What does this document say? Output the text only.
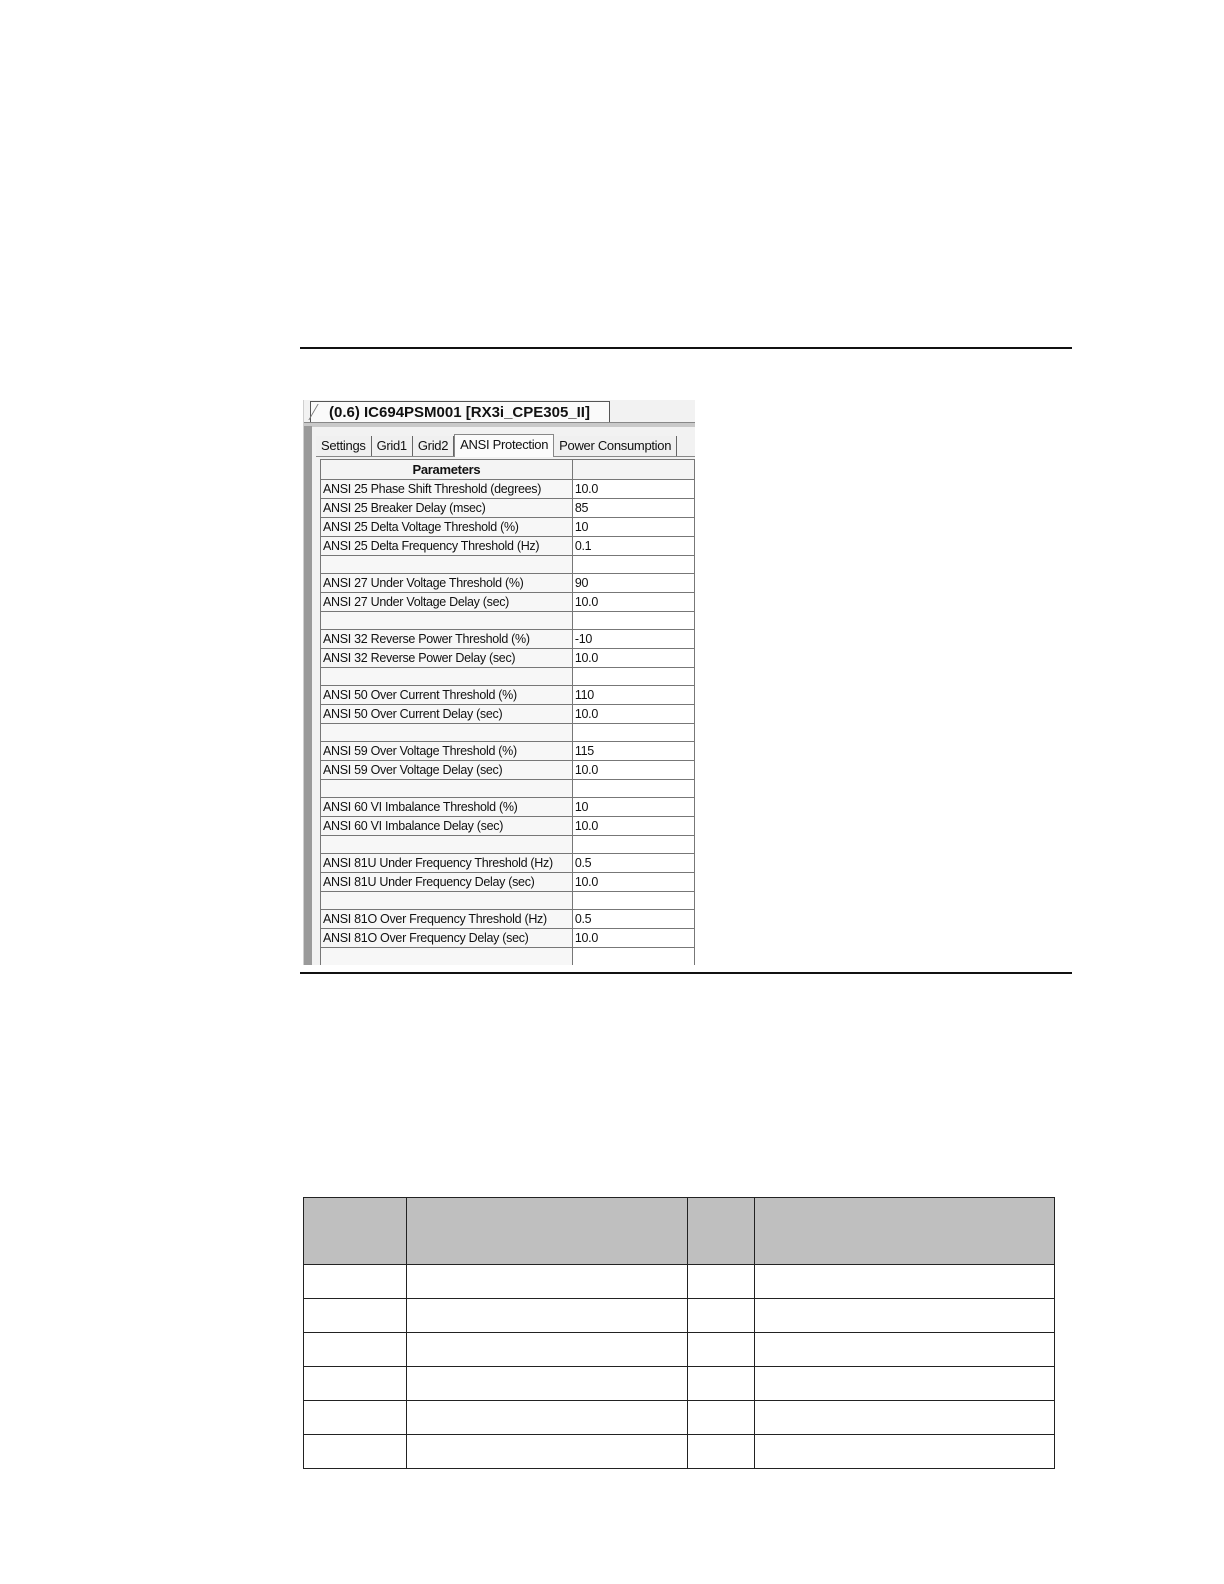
(0.6) IC694PSM001 [RX3i_CPE305_II]
Settings Grid1 Grid2 ANSI Protection Power Consumption
Parameters	
ANSI 25 Phase Shift Threshold (degrees)	10.0
ANSI 25 Breaker Delay (msec)	85
ANSI 25 Delta Voltage Threshold (%)	10
ANSI 25 Delta Frequency Threshold (Hz)	0.1

ANSI 27 Under Voltage Threshold (%)	90
ANSI 27 Under Voltage Delay (sec)	10.0

ANSI 32 Reverse Power Threshold (%)	-10
ANSI 32 Reverse Power Delay (sec)	10.0

ANSI 50 Over Current Threshold (%)	110
ANSI 50 Over Current Delay (sec)	10.0

ANSI 59 Over Voltage Threshold (%)	115
ANSI 59 Over Voltage Delay (sec)	10.0

ANSI 60 VI Imbalance Threshold (%)	10
ANSI 60 VI Imbalance Delay (sec)	10.0

ANSI 81U Under Frequency Threshold (Hz)	0.5
ANSI 81U Under Frequency Delay (sec)	10.0

ANSI 81O Over Frequency Threshold (Hz)	0.5
ANSI 81O Over Frequency Delay (sec)	10.0
